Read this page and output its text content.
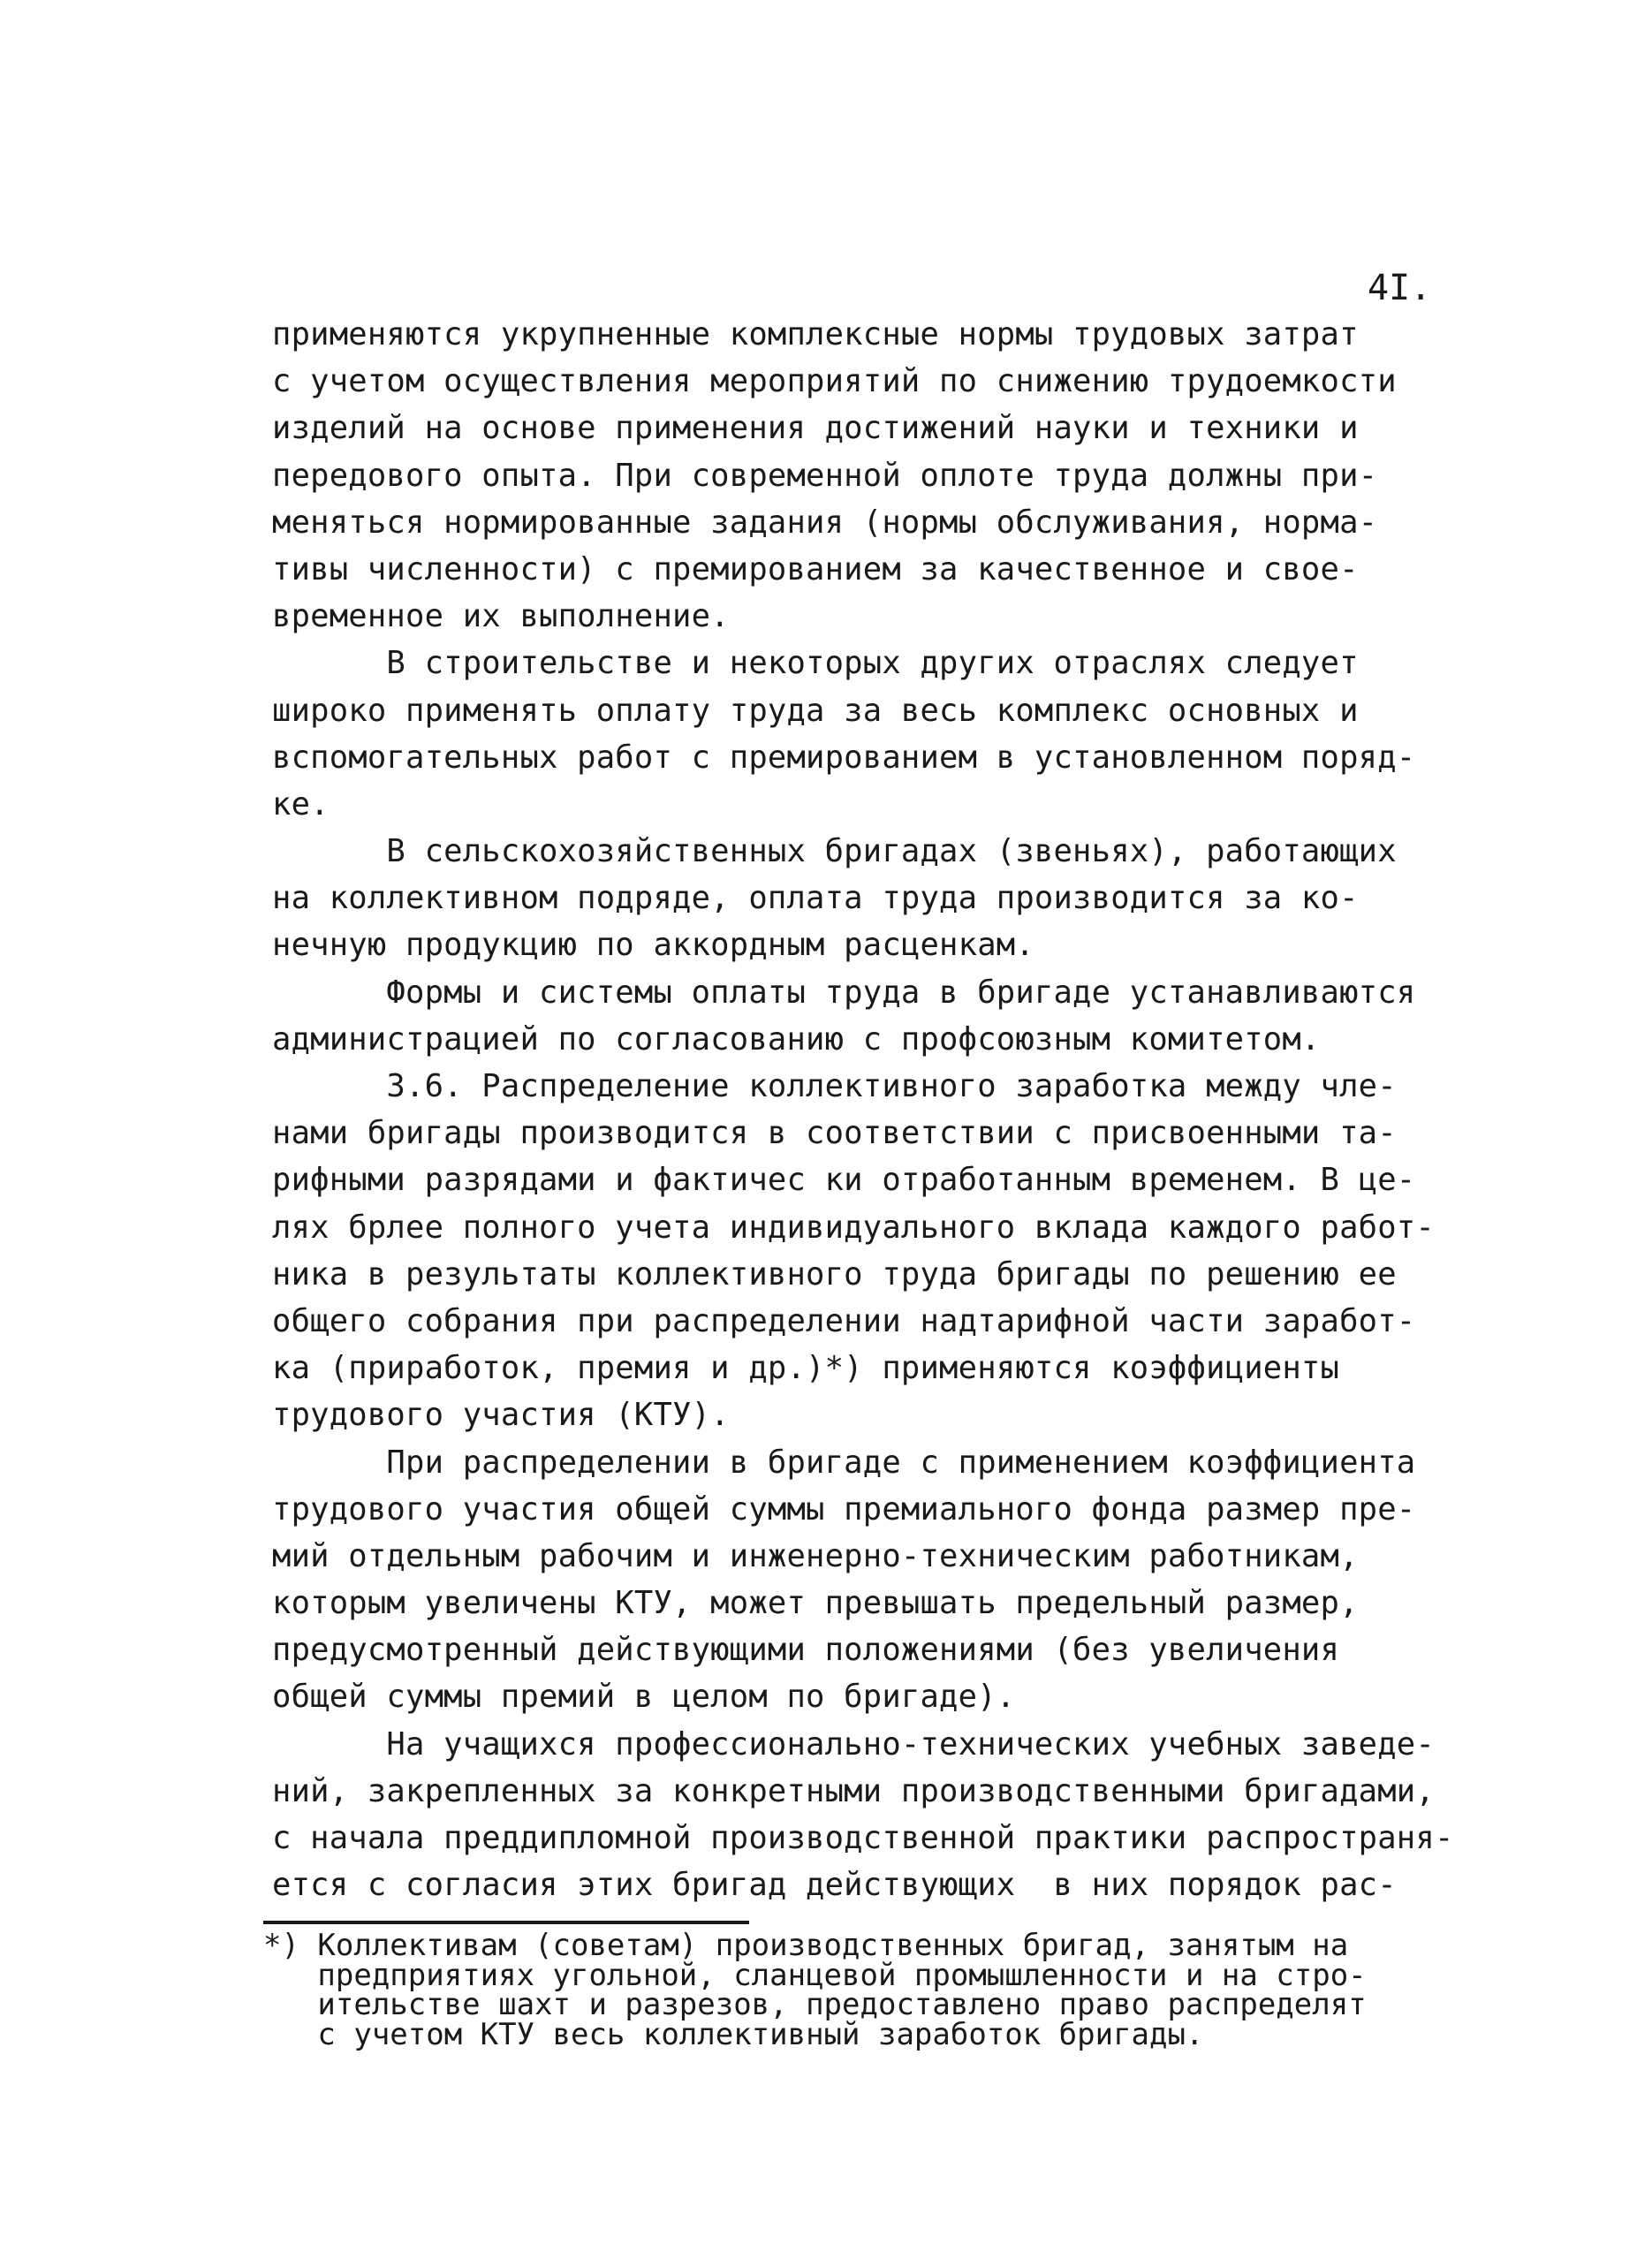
4I.
применяются укрупненные комплексные нормы трудовых затрат
с учетом осуществления мероприятий по снижению трудоемкости
изделий на основе применения достижений науки и техники и
передового опыта. При современной оплоте труда должны при-
меняться нормированные задания (нормы обслуживания, норма-
тивы численности) с премированием за качественное и свое-
временное их выполнение.
В строительстве и некоторых других отраслях следует
широко применять оплату труда за весь комплекс основных и
вспомогательных работ с премированием в установленном поряд-
ке.
В сельскохозяйственных бригадах (звеньях), работающих
на коллективном подряде, оплата труда производится за ко-
нечную продукцию по аккордным расценкам.
Формы и системы оплаты труда в бригаде устанавливаются
администрацией по согласованию с профсоюзным комитетом.
3.6. Распределение коллективного заработка между чле-
нами бригады производится в соответствии с присвоенными та-
рифными разрядами и фактичес ки отработанным временем. В це-
лях брлее полного учета индивидуального вклада каждого работ-
ника в результаты коллективного труда бригады по решению ее
общего собрания при распределении надтарифной части заработ-
ка (приработок, премия и др.)*) применяются коэффициенты
трудового участия (КТУ).
При распределении в бригаде с применением коэффициента
трудового участия общей суммы премиального фонда размер пре-
мий отдельным рабочим и инженерно-техническим работникам,
которым увеличены КТУ, может превышать предельный размер,
предусмотренный действующими положениями (без увеличения
общей суммы премий в целом по бригаде).
На учащихся профессионально-технических учебных заведе-
ний, закрепленных за конкретными производственными бригадами,
с начала преддипломной производственной практики распространя-
ется с согласия этих бригад действующих  в них порядок рас-
*) Коллективам (советам) производственных бригад, занятым на
предприятиях угольной, сланцевой промышленности и на стро-
ительстве шахт и разрезов, предоставлено право распределят
с учетом КТУ весь коллективный заработок бригады.
